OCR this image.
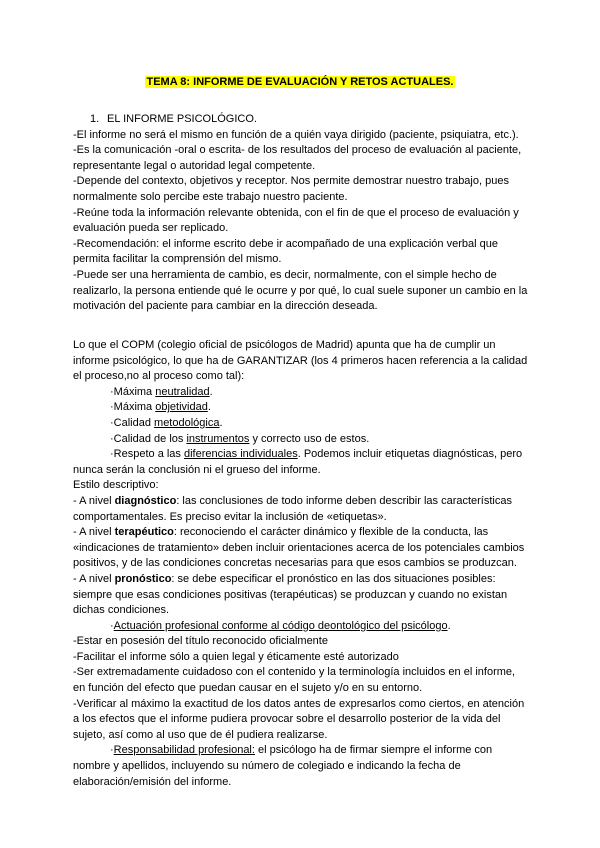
TEMA 8: INFORME DE EVALUACIÓN Y RETOS ACTUALES.

1. EL INFORME PSICOLÓGICO.

-El informe no será el mismo en función de a quién vaya dirigido (paciente, psiquiatra, etc.).

-Es la comunicación -oral o escrita- de los resultados del proceso de evaluación al paciente, representante legal o autoridad legal competente.

-Depende del contexto, objetivos y receptor. Nos permite demostrar nuestro trabajo, pues normalmente solo percibe este trabajo nuestro paciente.

-Reúne toda la información relevante obtenida, con el fin de que el proceso de evaluación y evaluación pueda ser replicado.

-Recomendación: el informe escrito debe ir acompañado de una explicación verbal que permita facilitar la comprensión del mismo.

-Puede ser una herramienta de cambio, es decir, normalmente, con el simple hecho de realizarlo, la persona entiende qué le ocurre y por qué, lo cual suele suponer un cambio en la motivación del paciente para cambiar en la dirección deseada.

Lo que el COPM (colegio oficial de psicólogos de Madrid) apunta que ha de cumplir un informe psicológico, lo que ha de GARANTIZAR (los 4 primeros hacen referencia a la calidad el proceso,no al proceso como tal):

·Máxima neutralidad.

·Máxima objetividad.

·Calidad metodológica.

·Calidad de los instrumentos y correcto uso de estos.

·Respeto a las diferencias individuales. Podemos incluir etiquetas diagnósticas, pero nunca serán la conclusión ni el grueso del informe.

Estilo descriptivo:

- A nivel diagnóstico: las conclusiones de todo informe deben describir las características comportamentales. Es preciso evitar la inclusión de «etiquetas».

- A nivel terapéutico: reconociendo el carácter dinámico y flexible de la conducta, las «indicaciones de tratamiento» deben incluir orientaciones acerca de los potenciales cambios positivos, y de las condiciones concretas necesarias para que esos cambios se produzcan.

- A nivel pronóstico: se debe especificar el pronóstico en las dos situaciones posibles: siempre que esas condiciones positivas (terapéuticas) se produzcan y cuando no existan dichas condiciones.

·Actuación profesional conforme al código deontológico del psicólogo.

-Estar en posesión del título reconocido oficialmente

-Facilitar el informe sólo a quien legal y éticamente esté autorizado

-Ser extremadamente cuidadoso con el contenido y la terminología incluidos en el informe, en función del efecto que puedan causar en el sujeto y/o en su entorno.

-Verificar al máximo la exactitud de los datos antes de expresarlos como ciertos, en atención a los efectos que el informe pudiera provocar sobre el desarrollo posterior de la vida del sujeto, así como al uso que de él pudiera realizarse.

·Responsabilidad profesional: el psicólogo ha de firmar siempre el informe con nombre y apellidos, incluyendo su número de colegiado e indicando la fecha de elaboración/emisión del informe.
